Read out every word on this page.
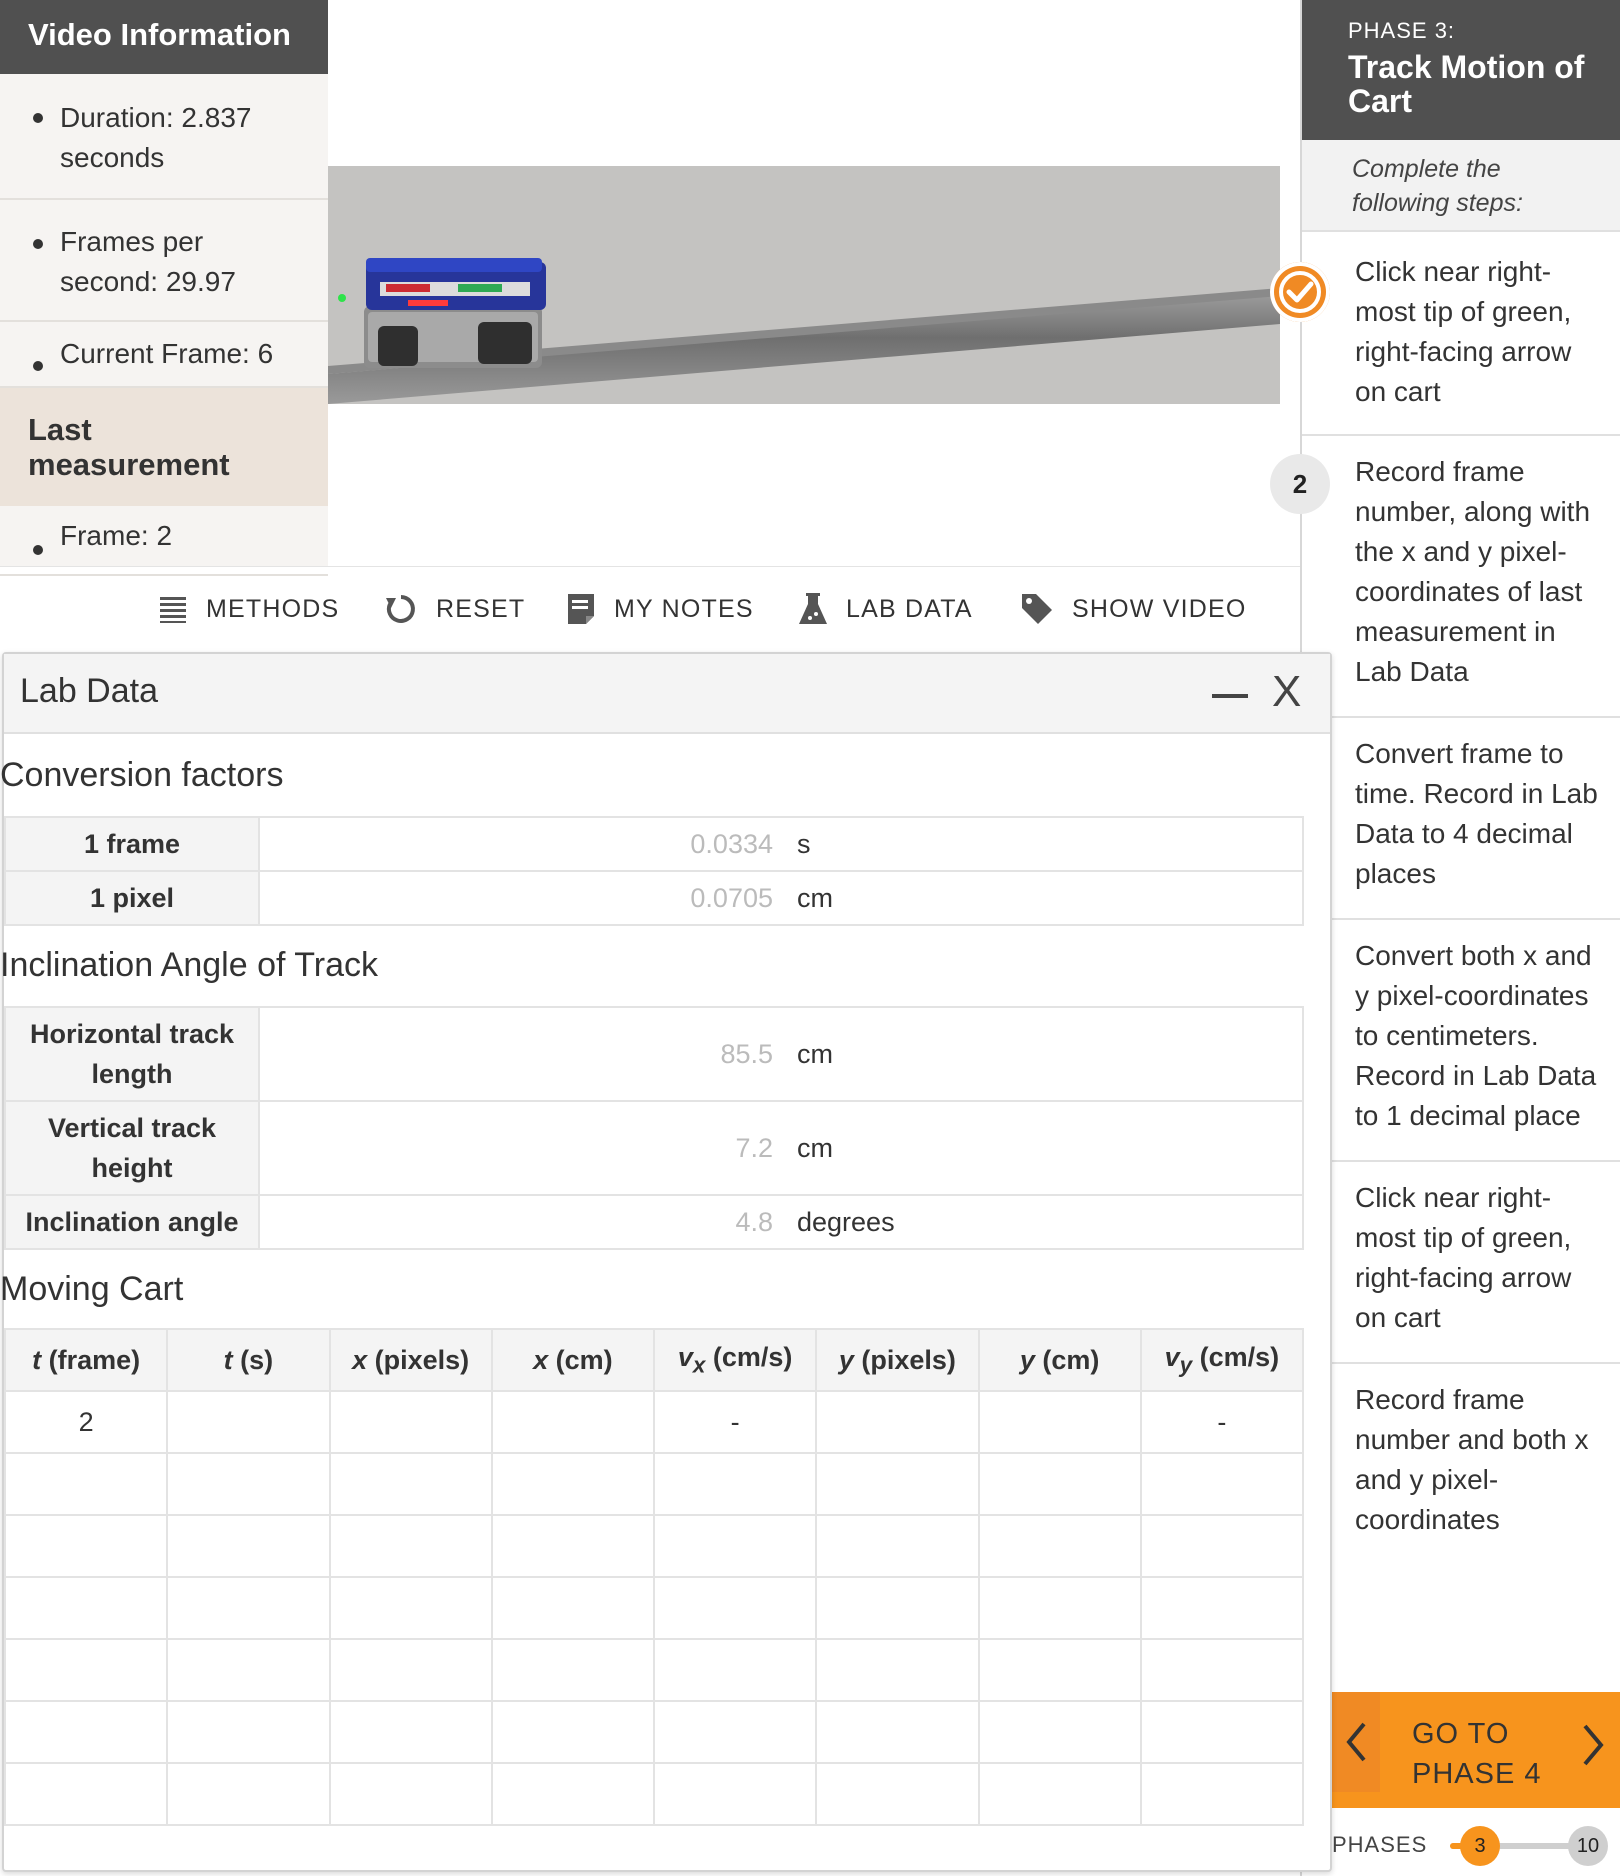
Video Information
Duration: 2.837 seconds
Frames per second: 29.97
Current Frame: 6
Last measurement
Frame: 2
METHODS	RESET	MY NOTES	LAB DATA	SHOW VIDEO
PHASE 3:
Track Motion of Cart
Complete the following steps:
Click near right-most tip of green, right-facing arrow on cart
2	Record frame number, along with the x and y pixel-coordinates of last measurement in Lab Data
Convert frame to time. Record in Lab Data to 4 decimal places
Convert both x and y pixel-coordinates to centimeters. Record in Lab Data to 1 decimal place
Click near right-most tip of green, right-facing arrow on cart
Record frame number and both x and y pixel-coordinates
GO TO PHASE 4
PHASES	3	10
Lab Data	X
Conversion factors
1 frame	0.0334 s

1 pixel	0.0705 cm
Inclination Angle of Track
Horizontal track length	85.5 cm

Vertical track height	7.2 cm

Inclination angle	4.8 degrees
Moving Cart
t (frame)	t (s)	x (pixels)	x (cm)	$v_x$ (cm/s)	y (pixels)	y (cm)	$v_y$ (cm/s)
2				-			-
